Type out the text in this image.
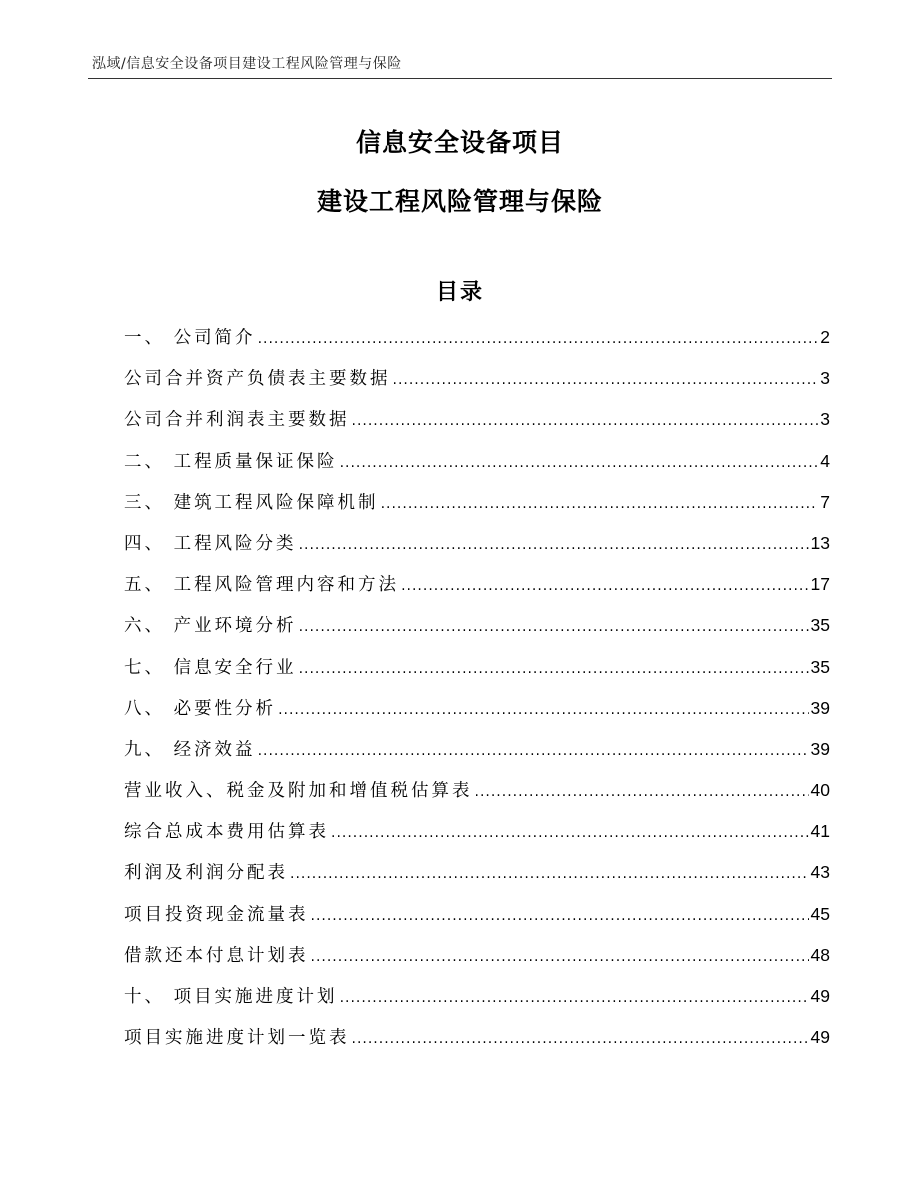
泓域/信息安全设备项目建设工程风险管理与保险
信息安全设备项目
建设工程风险管理与保险
目录
一、 公司简介 .....	2
公司合并资产负债表主要数据 .....	3
公司合并利润表主要数据 .....	3
二、 工程质量保证保险 .....	4
三、 建筑工程风险保障机制 .....	7
四、 工程风险分类 .....	13
五、 工程风险管理内容和方法 .....	17
六、 产业环境分析 .....	35
七、 信息安全行业 .....	35
八、 必要性分析 .....	39
九、 经济效益 .....	39
营业收入、税金及附加和增值税估算表 .....	40
综合总成本费用估算表 .....	41
利润及利润分配表 .....	43
项目投资现金流量表 .....	45
借款还本付息计划表 .....	48
十、 项目实施进度计划 .....	49
项目实施进度计划一览表 .....	49
